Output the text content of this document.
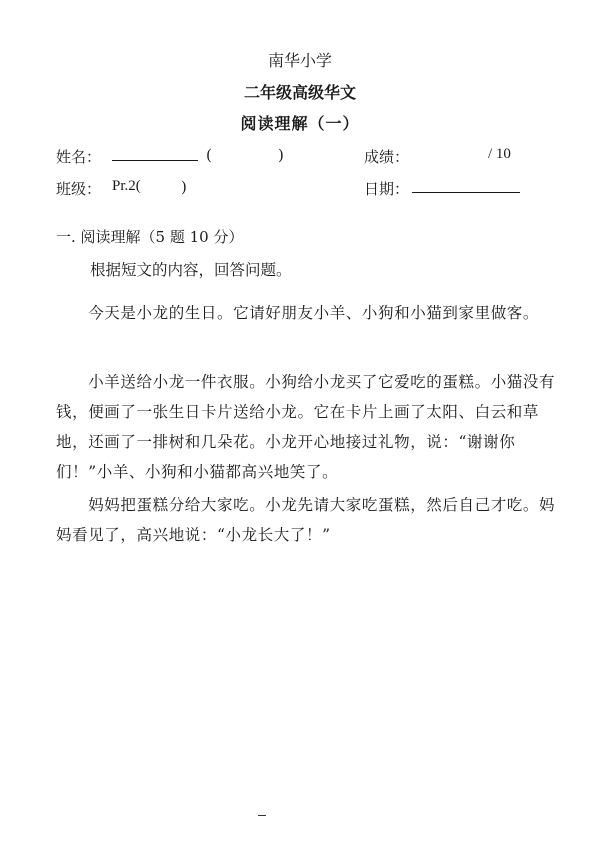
南华小学
二年级高级华文
阅读理解（一）
姓名：	(	)	成绩：	/ 10
班级： Pr.2(	)	日期：
一. 阅读理解（5 题 10 分）
根据短文的内容，回答问题。
　　今天是小龙的生日。它请好朋友小羊、小狗和小猫到家里做客。
　　小羊送给小龙一件衣服。小狗给小龙买了它爱吃的蛋糕。小猫没有钱，便画了一张生日卡片送给小龙。它在卡片上画了太阳、白云和草地，还画了一排树和几朵花。小龙开心地接过礼物，说：“谢谢你们！”小羊、小狗和小猫都高兴地笑了。
　　妈妈把蛋糕分给大家吃。小龙先请大家吃蛋糕，然后自己才吃。妈妈看见了，高兴地说：“小龙长大了！”
